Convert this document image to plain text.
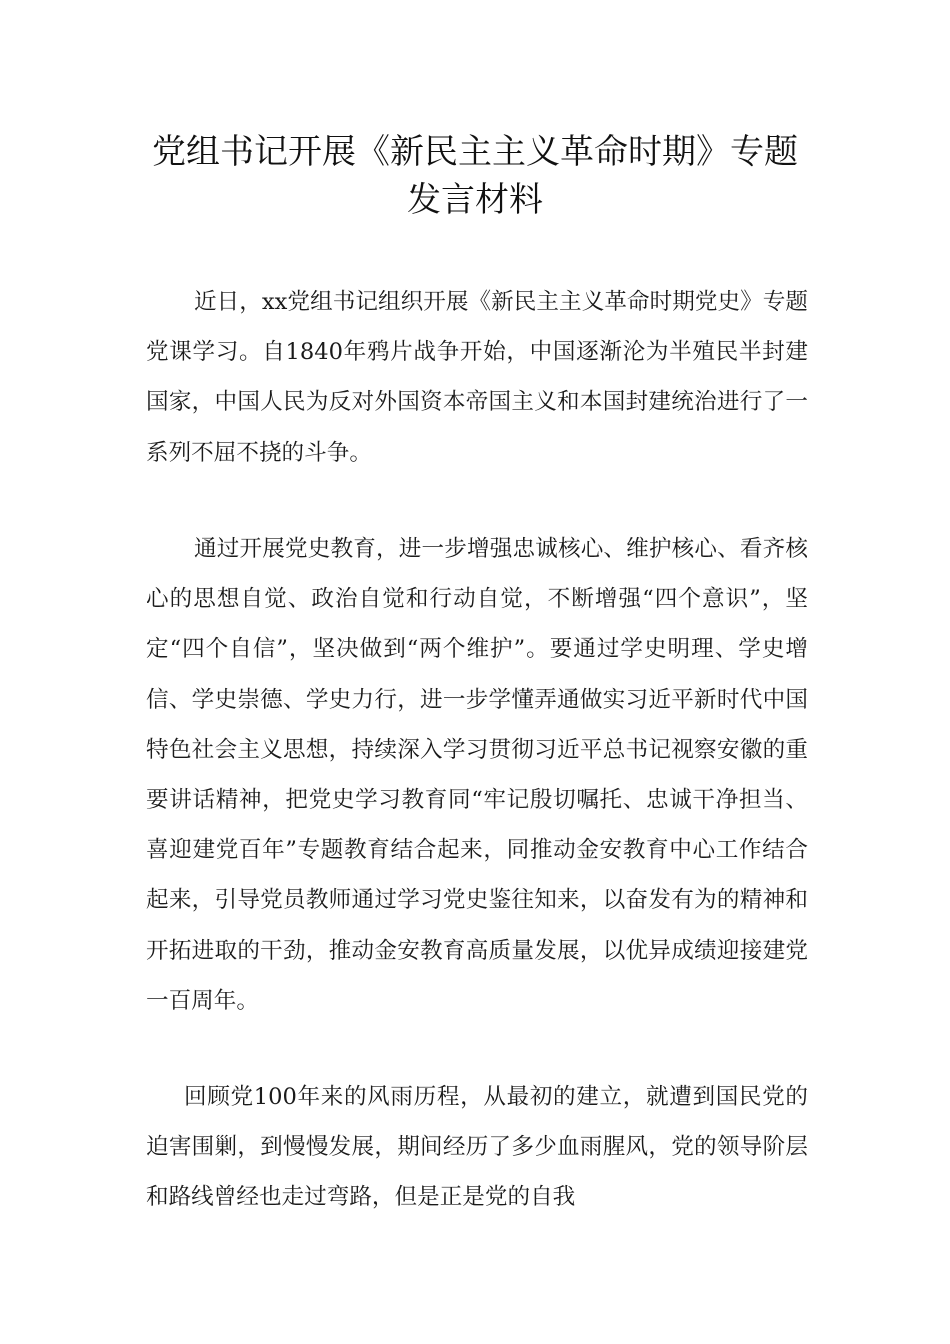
党组书记开展《新民主主义革命时期》专题发言材料

近日，xx党组书记组织开展《新民主主义革命时期党史》专题党课学习。自1840年鸦片战争开始，中国逐渐沦为半殖民半封建国家，中国人民为反对外国资本帝国主义和本国封建统治进行了一系列不屈不挠的斗争。

通过开展党史教育，进一步增强忠诚核心、维护核心、看齐核心的思想自觉、政治自觉和行动自觉，不断增强“四个意识”，坚定“四个自信”，坚决做到“两个维护”。要通过学史明理、学史增信、学史崇德、学史力行，进一步学懂弄通做实习近平新时代中国特色社会主义思想，持续深入学习贯彻习近平总书记视察安徽的重要讲话精神，把党史学习教育同“牢记殷切嘱托、忠诚干净担当、喜迎建党百年”专题教育结合起来，同推动金安教育中心工作结合起来，引导党员教师通过学习党史鉴往知来，以奋发有为的精神和开拓进取的干劲，推动金安教育高质量发展，以优异成绩迎接建党一百周年。

回顾党100年来的风雨历程，从最初的建立，就遭到国民党的迫害围剿，到慢慢发展，期间经历了多少血雨腥风，党的领导阶层和路线曾经也走过弯路，但是正是党的自我
